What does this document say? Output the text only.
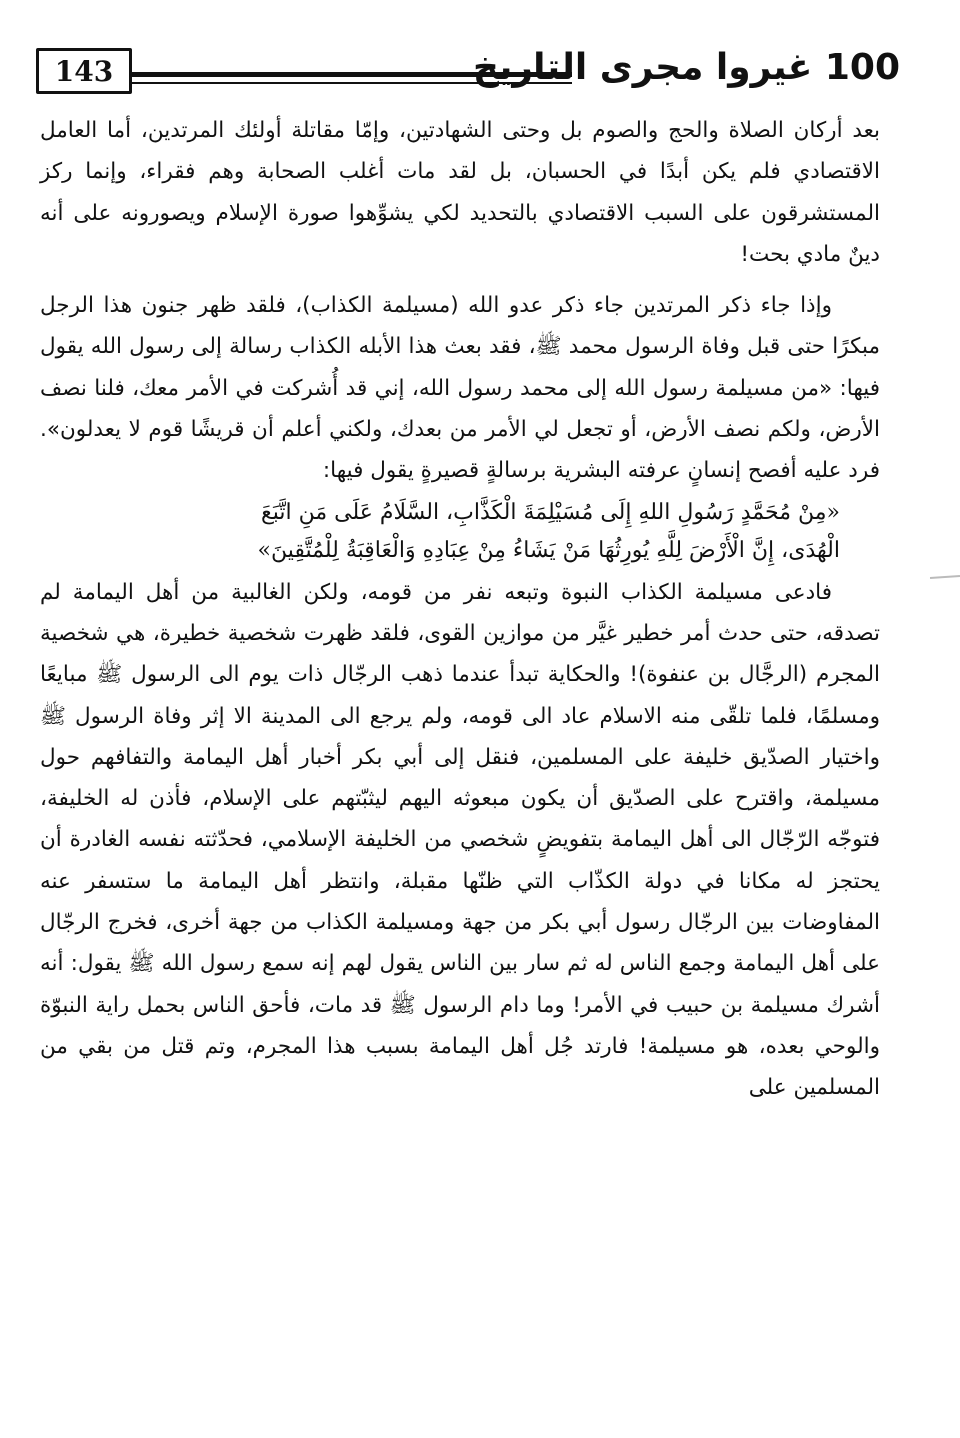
143	100 غيروا مجرى التاريخ

بعد أركان الصلاة والحج والصوم بل وحتى الشهادتين، وإمّا مقاتلة أولئك المرتدين، أما العامل الاقتصادي فلم يكن أبدًا في الحسبان، بل لقد مات أغلب الصحابة وهم فقراء، وإنما ركز المستشرقون على السبب الاقتصادي بالتحديد لكي يشوِّهوا صورة الإسلام ويصورونه على أنه دينٌ مادي بحت!

وإذا جاء ذكر المرتدين جاء ذكر عدو الله (مسيلمة الكذاب)، فلقد ظهر جنون هذا الرجل مبكرًا حتى قبل وفاة الرسول محمد ﷺ، فقد بعث هذا الأبله الكذاب رسالة إلى رسول الله يقول فيها: «من مسيلمة رسول الله إلى محمد رسول الله، إني قد أُشركت في الأمر معك، فلنا نصف الأرض، ولكم نصف الأرض، أو تجعل لي الأمر من بعدك، ولكني أعلم أن قريشًا قوم لا يعدلون». فرد عليه أفصح إنسانٍ عرفته البشرية برسالةٍ قصيرةٍ يقول فيها:

«مِنْ مُحَمَّدٍ رَسُولِ اللهِ إِلَى مُسَيْلِمَةَ الْكَذَّابِ، السَّلَامُ عَلَى مَنِ اتَّبَعَ
الْهُدَى، إِنَّ الْأَرْضَ لِلَّهِ يُورِثُهَا مَنْ يَشَاءُ مِنْ عِبَادِهِ وَالْعَاقِبَةُ لِلْمُتَّقِينَ»

فادعى مسيلمة الكذاب النبوة وتبعه نفر من قومه، ولكن الغالبية من أهل اليمامة لم تصدقه، حتى حدث أمر خطير غيَّر من موازين القوى، فلقد ظهرت شخصية خطيرة، هي شخصية المجرم (الرجَّال بن عنفوة)! والحكاية تبدأ عندما ذهب الرجّال ذات يوم الى الرسول ﷺ مبايعًا ومسلمًا، فلما تلقّى منه الاسلام عاد الى قومه، ولم يرجع الى المدينة الا إثر وفاة الرسول ﷺ واختيار الصدّيق خليفة على المسلمين، فنقل إلى أبي بكر أخبار أهل اليمامة والتفافهم حول مسيلمة، واقترح على الصدّيق أن يكون مبعوثه اليهم ليثبّتهم على الإسلام، فأذن له الخليفة، فتوجّه الرّجّال الى أهل اليمامة بتفويضٍ شخصي من الخليفة الإسلامي، فحدّثته نفسه الغادرة أن يحتجز له مكانا في دولة الكذّاب التي ظنّها مقبلة، وانتظر أهل اليمامة ما ستسفر عنه المفاوضات بين الرجّال رسول أبي بكر من جهة ومسيلمة الكذاب من جهة أخرى، فخرج الرجّال على أهل اليمامة وجمع الناس له ثم سار بين الناس يقول لهم إنه سمع رسول الله ﷺ يقول: أنه أشرك مسيلمة بن حبيب في الأمر! وما دام الرسول ﷺ قد مات، فأحق الناس بحمل راية النبوّة والوحي بعده، هو مسيلمة! فارتد جُل أهل اليمامة بسبب هذا المجرم، وتم قتل من بقي من المسلمين على
